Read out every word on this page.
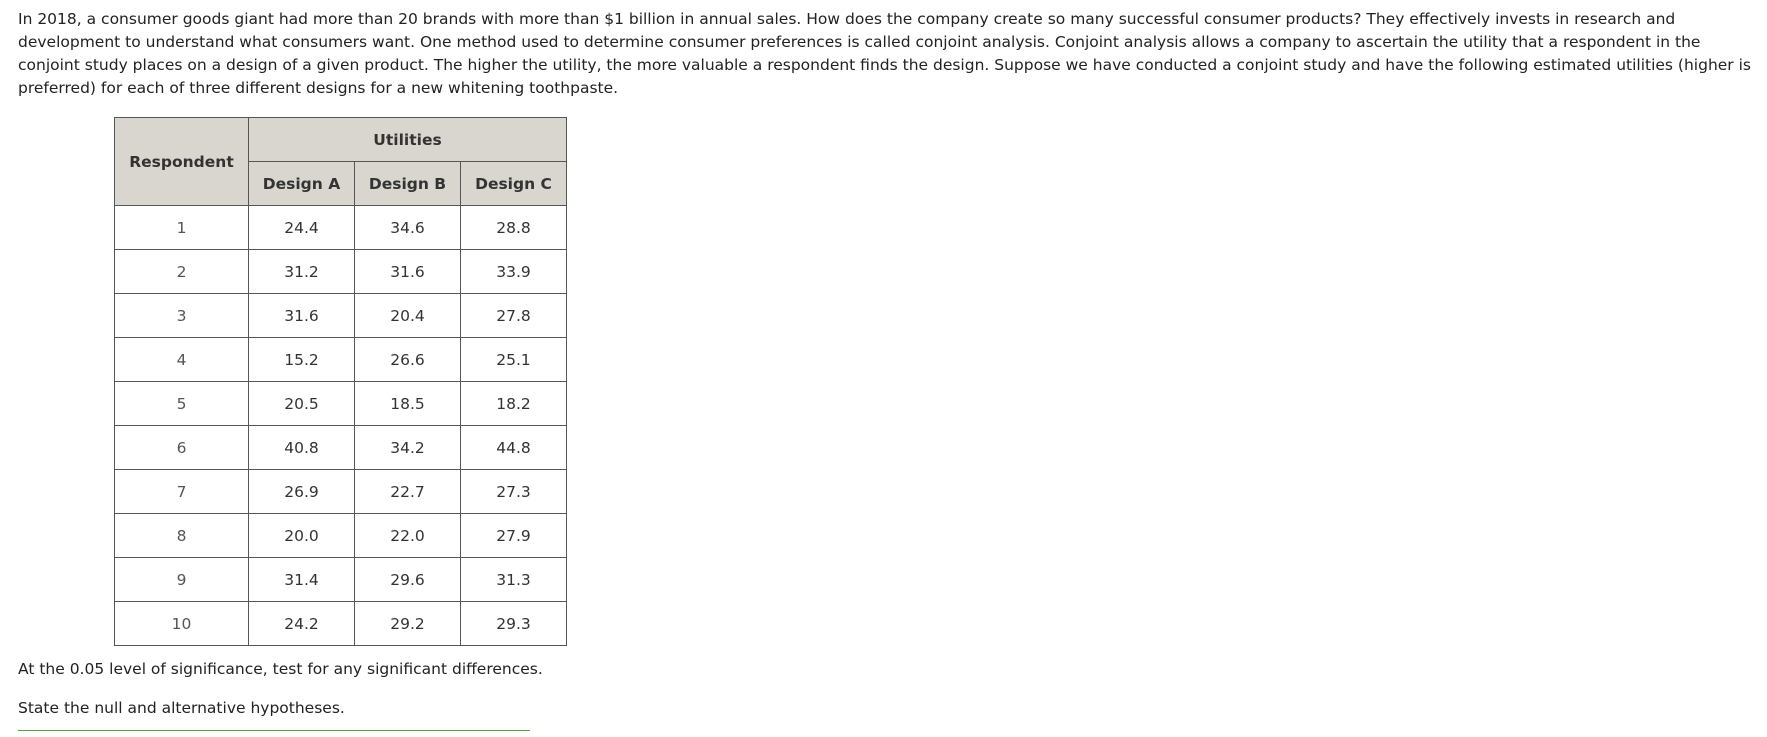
In 2018, a consumer goods giant had more than 20 brands with more than $1 billion in annual sales. How does the company create so many successful consumer products? They effectively invests in research and development to understand what consumers want. One method used to determine consumer preferences is called conjoint analysis. Conjoint analysis allows a company to ascertain the utility that a respondent in the conjoint study places on a design of a given product. The higher the utility, the more valuable a respondent finds the design. Suppose we have conducted a conjoint study and have the following estimated utilities (higher is preferred) for each of three different designs for a new whitening toothpaste.

Respondent	Utilities		
	Design A	Design B	Design C
1	24.4	34.6	28.8
2	31.2	31.6	33.9
3	31.6	20.4	27.8
4	15.2	26.6	25.1
5	20.5	18.5	18.2
6	40.8	34.2	44.8
7	26.9	22.7	27.3
8	20.0	22.0	27.9
9	31.4	29.6	31.3
10	24.2	29.2	29.3

At the 0.05 level of significance, test for any significant differences.

State the null and alternative hypotheses.
